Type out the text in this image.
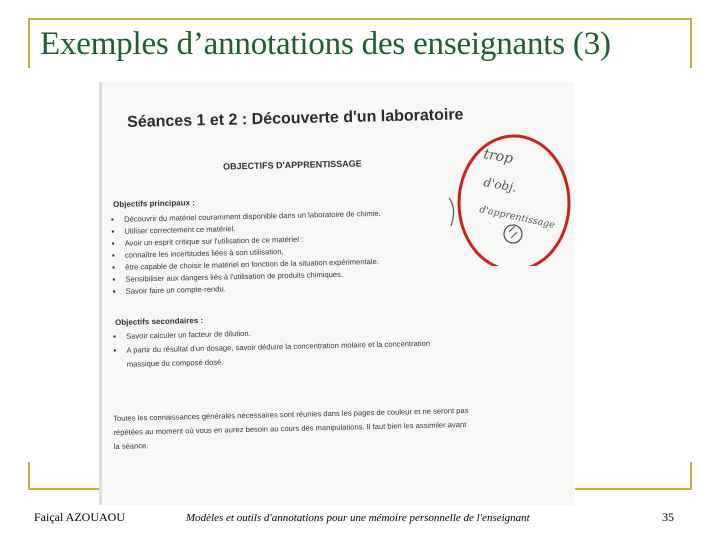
Exemples d’annotations des enseignants (3)
Séances 1 et 2 : Découverte d'un laboratoire
OBJECTIFS D'APPRENTISSAGE
Objectifs principaux :
▪ Découvrir du matériel couramment disponible dans un laboratoire de chimie.
▪ Utiliser correctement ce matériel.
▪ Avoir un esprit critique sur l'utilisation de ce matériel :
▪ connaître les incertitudes liées à son utilisation,
▪ être capable de choisir le matériel en fonction de la situation expérimentale.
▪ Sensibiliser aux dangers liés à l'utilisation de produits chimiques.
▪ Savoir faire un compte-rendu.
Objectifs secondaires :
▪ Savoir calculer un facteur de dilution.
▪ A partir du résultat d'un dosage, savoir déduire la concentration molaire et la concentration massique du composé dosé.
Toutes les connaissances générales nécessaires sont réunies dans les pages de couleur et ne seront pas répétées au moment où vous en aurez besoin au cours des manipulations. Il faut bien les assimiler avant la séance.
trop
d'obj.
d'apprentissage
Faiçal AZOUAOU	Modèles et outils d'annotations pour une mémoire personnelle de l'enseignant	35
